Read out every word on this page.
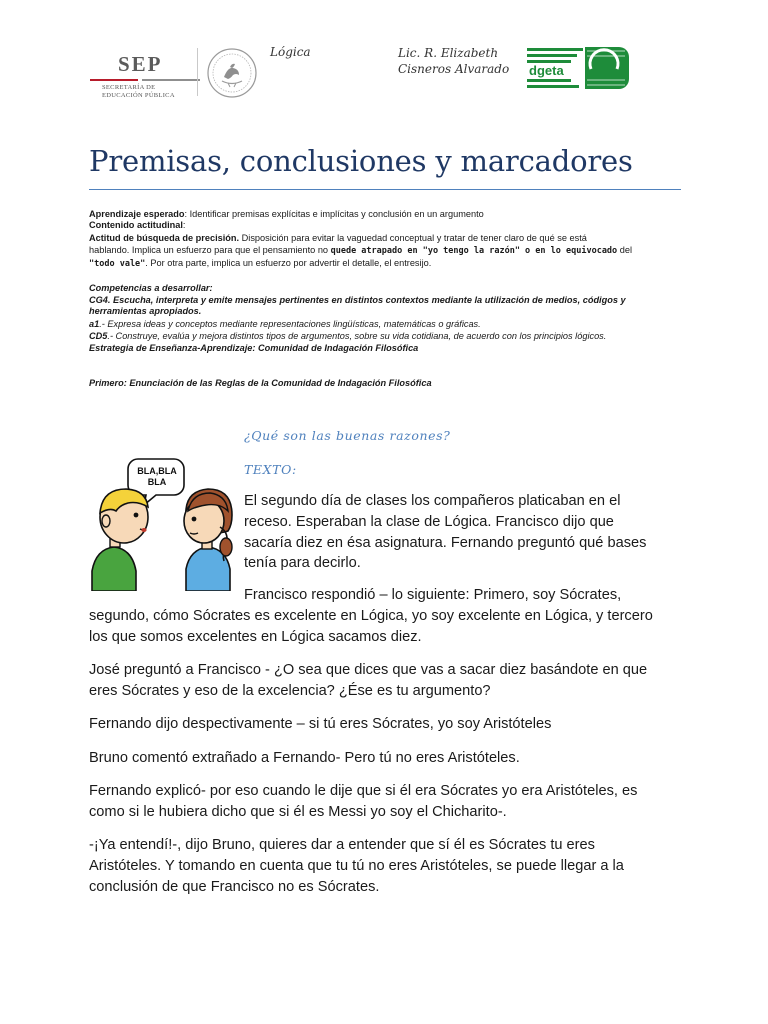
SEP
SECRETARÍA DE
EDUCACIÓN PÚBLICA
Lógica	Lic. R. Elizabeth
Cisneros Alvarado dgeta
Premisas, conclusiones y marcadores
Aprendizaje esperado: Identificar premisas explícitas e implícitas y conclusión en un argumento
Contenido actitudinal:
Actitud de búsqueda de precisión. Disposición para evitar la vaguedad conceptual y tratar de tener claro de qué se está
hablando. Implica un esfuerzo para que el pensamiento no quede atrapado en "yo tengo la razón" o en lo equivocado del
"todo vale". Por otra parte, implica un esfuerzo por advertir el detalle, el entresijo.
Competencias a desarrollar:
CG4. Escucha, interpreta y emite mensajes pertinentes en distintos contextos mediante la utilización de medios, códigos y
herramientas apropiados.
a1.- Expresa ideas y conceptos mediante representaciones lingüísticas, matemáticas o gráficas.
CD5.- Construye, evalúa y mejora distintos tipos de argumentos, sobre su vida cotidiana, de acuerdo con los principios lógicos.
Estrategia de Enseñanza-Aprendizaje: Comunidad de Indagación Filosófica
Primero: Enunciación de las Reglas de la Comunidad de Indagación Filosófica
¿Qué son las buenas razones?
TEXTO:
BLA,BLA
BLA
El segundo día de clases los compañeros platicaban en el
receso. Esperaban la clase de Lógica. Francisco dijo que
sacaría diez en ésa asignatura. Fernando preguntó qué bases
tenía para decirlo.
Francisco respondió – lo siguiente: Primero, soy Sócrates,
segundo, cómo Sócrates es excelente en Lógica, yo soy excelente en Lógica, y tercero
los que somos excelentes en Lógica sacamos diez.
José preguntó a Francisco - ¿O sea que dices que vas a sacar diez basándote en que
eres Sócrates y eso de la excelencia? ¿Ése es tu argumento?
Fernando dijo despectivamente – si tú eres Sócrates, yo soy Aristóteles
Bruno comentó extrañado a Fernando- Pero tú no eres Aristóteles.
Fernando explicó- por eso cuando le dije que si él era Sócrates yo era Aristóteles, es
como si le hubiera dicho que si él es Messi yo soy el Chicharito-.
-¡Ya entendí!-, dijo Bruno, quieres dar a entender que sí él es Sócrates tu eres
Aristóteles. Y tomando en cuenta que tu tú no eres Aristóteles, se puede llegar a la
conclusión de que Francisco no es Sócrates.
